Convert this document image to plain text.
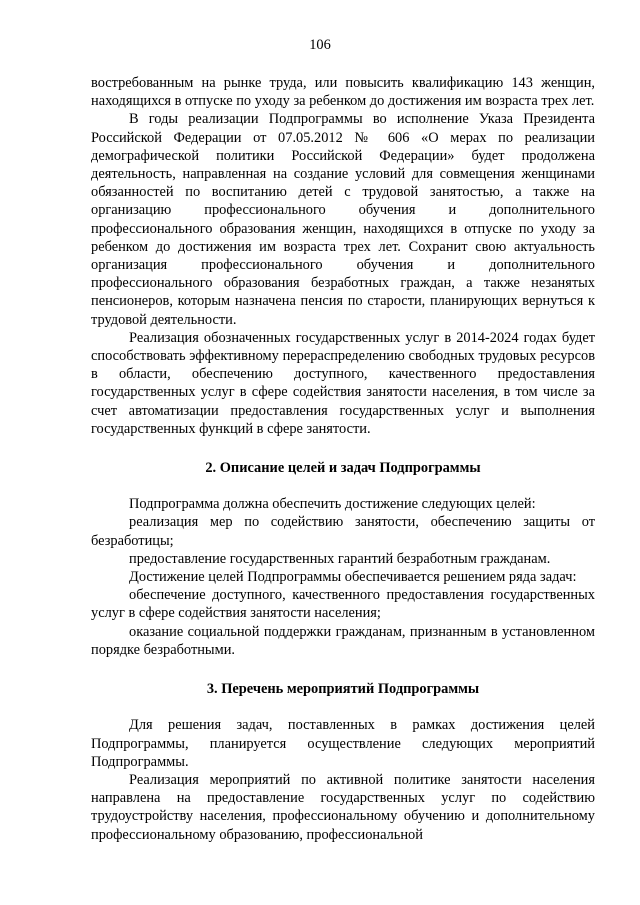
106

востребованным на рынке труда, или повысить квалификацию 143 женщин, находящихся в отпуске по уходу за ребенком до достижения им возраста трех лет.

В годы реализации Подпрограммы во исполнение Указа Президента Российской Федерации от 07.05.2012 № 606 «О мерах по реализации демографической политики Российской Федерации» будет продолжена деятельность, направленная на создание условий для совмещения женщинами обязанностей по воспитанию детей с трудовой занятостью, а также на организацию профессионального обучения и дополнительного профессионального образования женщин, находящихся в отпуске по уходу за ребенком до достижения им возраста трех лет. Сохранит свою актуальность организация профессионального обучения и дополнительного профессионального образования безработных граждан, а также незанятых пенсионеров, которым назначена пенсия по старости, планирующих вернуться к трудовой деятельности.

Реализация обозначенных государственных услуг в 2014-2024 годах будет способствовать эффективному перераспределению свободных трудовых ресурсов в области, обеспечению доступного, качественного предоставления государственных услуг в сфере содействия занятости населения, в том числе за счет автоматизации предоставления государственных услуг и выполнения государственных функций в сфере занятости.

2. Описание целей и задач Подпрограммы

Подпрограмма должна обеспечить достижение следующих целей:

реализация мер по содействию занятости, обеспечению защиты от безработицы;

предоставление государственных гарантий безработным гражданам.

Достижение целей Подпрограммы обеспечивается решением ряда задач:

обеспечение доступного, качественного предоставления государственных услуг в сфере содействия занятости населения;

оказание социальной поддержки гражданам, признанным в установленном порядке безработными.

3. Перечень мероприятий Подпрограммы

Для решения задач, поставленных в рамках достижения целей Подпрограммы, планируется осуществление следующих мероприятий Подпрограммы.

Реализация мероприятий по активной политике занятости населения направлена на предоставление государственных услуг по содействию трудоустройству населения, профессиональному обучению и дополнительному профессиональному образованию, профессиональной
